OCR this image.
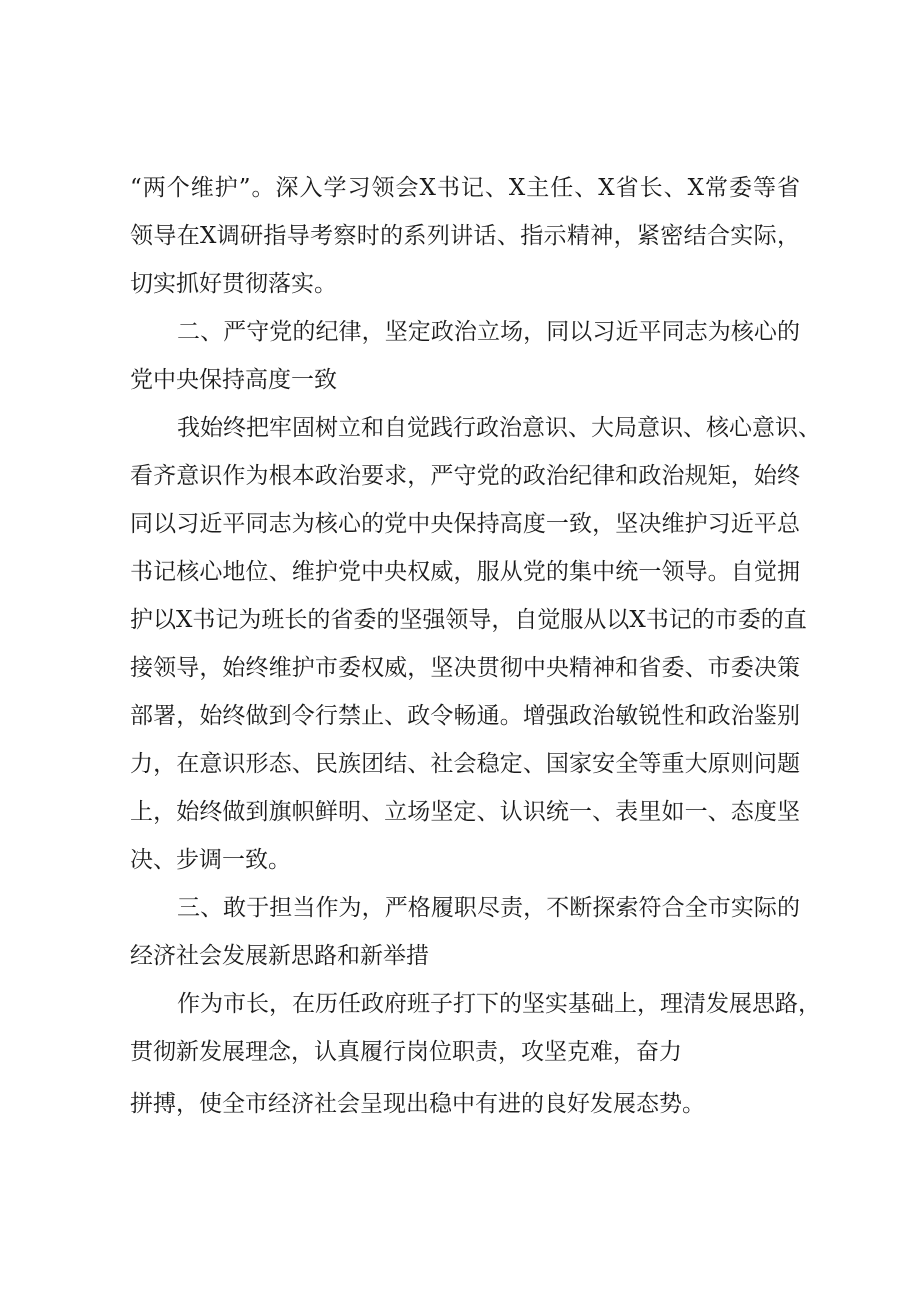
“两个维护”。深入学习领会X书记、X主任、X省长、X常委等省
领导在X调研指导考察时的系列讲话、指示精神，紧密结合实际，
切实抓好贯彻落实。
二、严守党的纪律，坚定政治立场，同以习近平同志为核心的
党中央保持高度一致
我始终把牢固树立和自觉践行政治意识、大局意识、核心意识、
看齐意识作为根本政治要求，严守党的政治纪律和政治规矩，始终
同以习近平同志为核心的党中央保持高度一致，坚决维护习近平总
书记核心地位、维护党中央权威，服从党的集中统一领导。自觉拥
护以X书记为班长的省委的坚强领导，自觉服从以X书记的市委的直
接领导，始终维护市委权威，坚决贯彻中央精神和省委、市委决策
部署，始终做到令行禁止、政令畅通。增强政治敏锐性和政治鉴别
力，在意识形态、民族团结、社会稳定、国家安全等重大原则问题
上，始终做到旗帜鲜明、立场坚定、认识统一、表里如一、态度坚
决、步调一致。
三、敢于担当作为，严格履职尽责，不断探索符合全市实际的
经济社会发展新思路和新举措
作为市长，在历任政府班子打下的坚实基础上，理清发展思路，
贯彻新发展理念，认真履行岗位职责，攻坚克难，奋力
拼搏，使全市经济社会呈现出稳中有进的良好发展态势。
